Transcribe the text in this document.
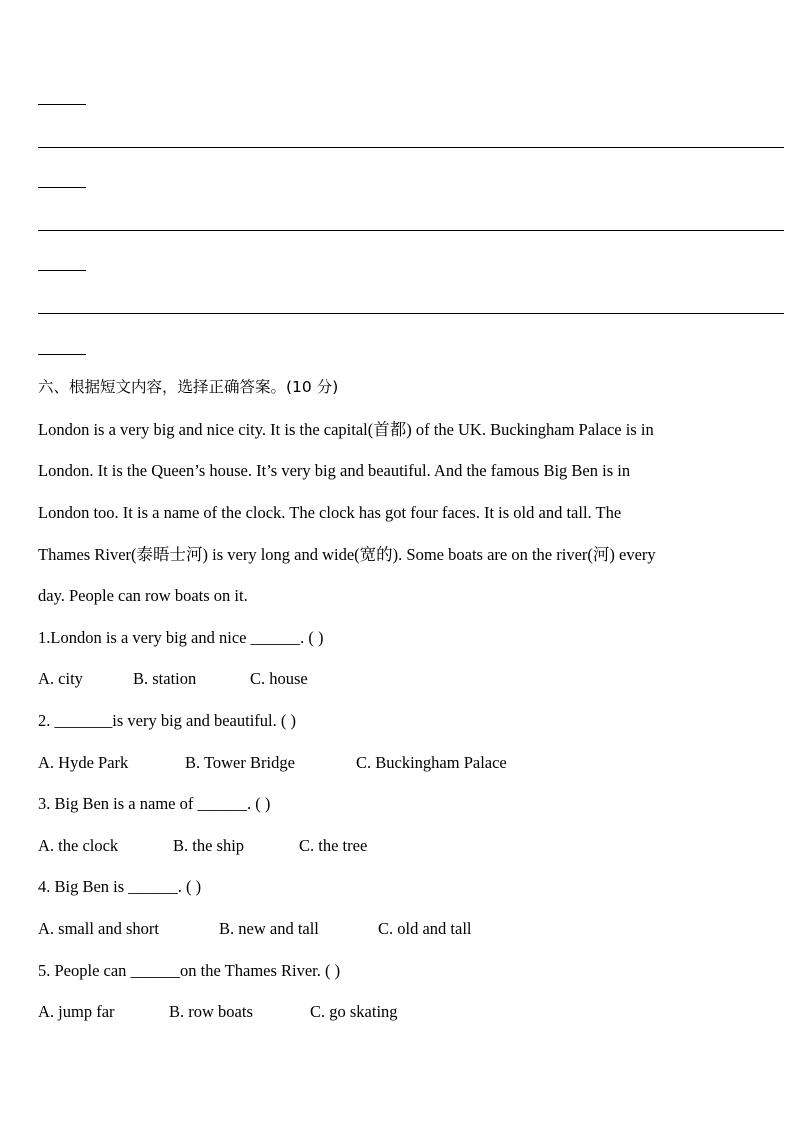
六、根据短文内容，选择正确答案。(10 分)
London is a very big and nice city. It is the capital(首都) of the UK. Buckingham Palace is in
London. It is the Queen’s house. It’s very big and beautiful. And the famous Big Ben is in
London too. It is a name of the clock. The clock has got four faces. It is old and tall. The
Thames River(泰晤士河) is very long and wide(宽的). Some boats are on the river(河) every
day. People can row boats on it.
1.London is a very big and nice ______. ( )
A. city	B. station	C. house
2. _______is very big and beautiful. ( )
A. Hyde Park	B. Tower Bridge	C. Buckingham Palace
3. Big Ben is a name of ______. ( )
A. the clock	B. the ship	C. the tree
4. Big Ben is ______. ( )
A. small and short	B. new and tall	C. old and tall
5. People can ______on the Thames River. ( )
A. jump far	B. row boats	C. go skating
